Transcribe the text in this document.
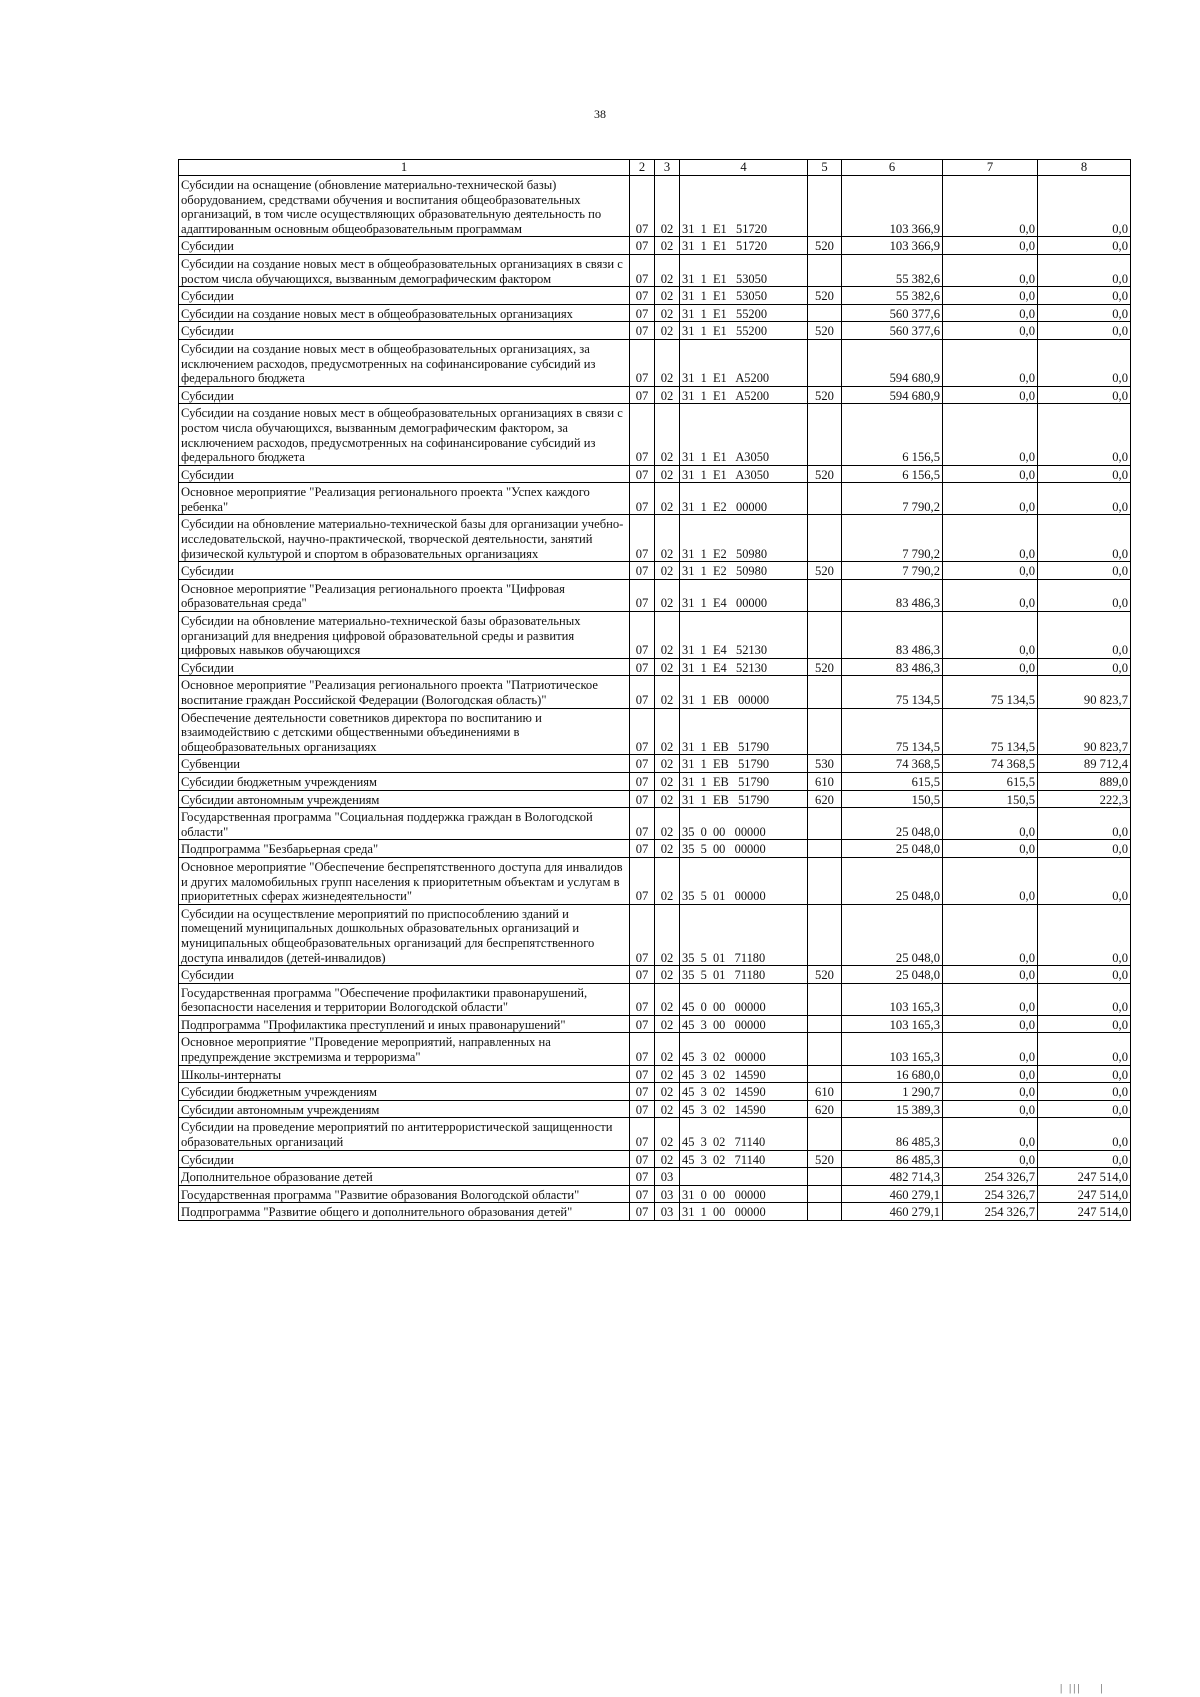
38
1	2	3	4	5	6	7	8
Субсидии на оснащение (обновление материально-технической базы) оборудованием, средствами обучения и воспитания общеобразовательных организаций, в том числе осуществляющих образовательную деятельность по адаптированным основным общеобразовательным программам	07	02	31  1  E1   51720		103 366,9	0,0	0,0
Субсидии	07	02	31  1  E1   51720	520	103 366,9	0,0	0,0
Субсидии на создание новых мест в общеобразовательных организациях в связи с ростом числа обучающихся, вызванным демографическим фактором	07	02	31  1  E1   53050		55 382,6	0,0	0,0
Субсидии	07	02	31  1  E1   53050	520	55 382,6	0,0	0,0
Субсидии на создание новых мест в общеобразовательных организациях	07	02	31  1  E1   55200		560 377,6	0,0	0,0
Субсидии	07	02	31  1  E1   55200	520	560 377,6	0,0	0,0
Субсидии на создание новых мест в общеобразовательных организациях, за исключением расходов, предусмотренных на софинансирование субсидий из федерального бюджета	07	02	31  1  E1   A5200		594 680,9	0,0	0,0
Субсидии	07	02	31  1  E1   A5200	520	594 680,9	0,0	0,0
Субсидии на создание новых мест в общеобразовательных организациях в связи с ростом числа обучающихся, вызванным демографическим фактором, за исключением расходов, предусмотренных на софинансирование субсидий из федерального бюджета	07	02	31  1  E1   A3050		6 156,5	0,0	0,0
Субсидии	07	02	31  1  E1   A3050	520	6 156,5	0,0	0,0
Основное мероприятие "Реализация регионального проекта "Успех каждого ребенка"	07	02	31  1  E2   00000		7 790,2	0,0	0,0
Субсидии на обновление материально-технической базы для организации учебно-исследовательской, научно-практической, творческой деятельности, занятий физической культурой и спортом в образовательных организациях	07	02	31  1  E2   50980		7 790,2	0,0	0,0
Субсидии	07	02	31  1  E2   50980	520	7 790,2	0,0	0,0
Основное мероприятие "Реализация регионального проекта "Цифровая образовательная среда"	07	02	31  1  E4   00000		83 486,3	0,0	0,0
Субсидии на обновление материально-технической базы образовательных организаций для внедрения цифровой образовательной среды и развития цифровых навыков обучающихся	07	02	31  1  E4   52130		83 486,3	0,0	0,0
Субсидии	07	02	31  1  E4   52130	520	83 486,3	0,0	0,0
Основное мероприятие "Реализация регионального проекта "Патриотическое воспитание граждан Российской Федерации (Вологодская область)"	07	02	31  1  EВ   00000		75 134,5	75 134,5	90 823,7
Обеспечение деятельности советников директора по воспитанию и взаимодействию с детскими общественными объединениями в общеобразовательных организациях	07	02	31  1  EВ   51790		75 134,5	75 134,5	90 823,7
Субвенции	07	02	31  1  EВ   51790	530	74 368,5	74 368,5	89 712,4
Субсидии бюджетным учреждениям	07	02	31  1  EВ   51790	610	615,5	615,5	889,0
Субсидии автономным учреждениям	07	02	31  1  EВ   51790	620	150,5	150,5	222,3
Государственная программа "Социальная поддержка граждан в Вологодской области"	07	02	35  0  00   00000		25 048,0	0,0	0,0
Подпрограмма "Безбарьерная среда"	07	02	35  5  00   00000		25 048,0	0,0	0,0
Основное мероприятие "Обеспечение беспрепятственного доступа для инвалидов и других маломобильных групп населения к приоритетным объектам и услугам в приоритетных сферах жизнедеятельности"	07	02	35  5  01   00000		25 048,0	0,0	0,0
Субсидии на осуществление мероприятий по приспособлению зданий и помещений муниципальных дошкольных образовательных организаций и муниципальных общеобразовательных организаций для беспрепятственного доступа инвалидов (детей-инвалидов)	07	02	35  5  01   71180		25 048,0	0,0	0,0
Субсидии	07	02	35  5  01   71180	520	25 048,0	0,0	0,0
Государственная программа "Обеспечение профилактики правонарушений, безопасности населения и территории Вологодской области"	07	02	45  0  00   00000		103 165,3	0,0	0,0
Подпрограмма "Профилактика преступлений и иных правонарушений"	07	02	45  3  00   00000		103 165,3	0,0	0,0
Основное мероприятие "Проведение мероприятий, направленных на предупреждение экстремизма и терроризма"	07	02	45  3  02   00000		103 165,3	0,0	0,0
Школы-интернаты	07	02	45  3  02   14590		16 680,0	0,0	0,0
Субсидии бюджетным учреждениям	07	02	45  3  02   14590	610	1 290,7	0,0	0,0
Субсидии автономным учреждениям	07	02	45  3  02   14590	620	15 389,3	0,0	0,0
Субсидии на проведение мероприятий по антитеррористической защищенности образовательных организаций	07	02	45  3  02   71140		86 485,3	0,0	0,0
Субсидии	07	02	45  3  02   71140	520	86 485,3	0,0	0,0
Дополнительное образование детей	07	03			482 714,3	254 326,7	247 514,0
Государственная программа "Развитие образования Вологодской области"	07	03	31  0  00   00000		460 279,1	254 326,7	247 514,0
Подпрограмма "Развитие общего и дополнительного образования детей"	07	03	31  1  00   00000		460 279,1	254 326,7	247 514,0
| |||    |
